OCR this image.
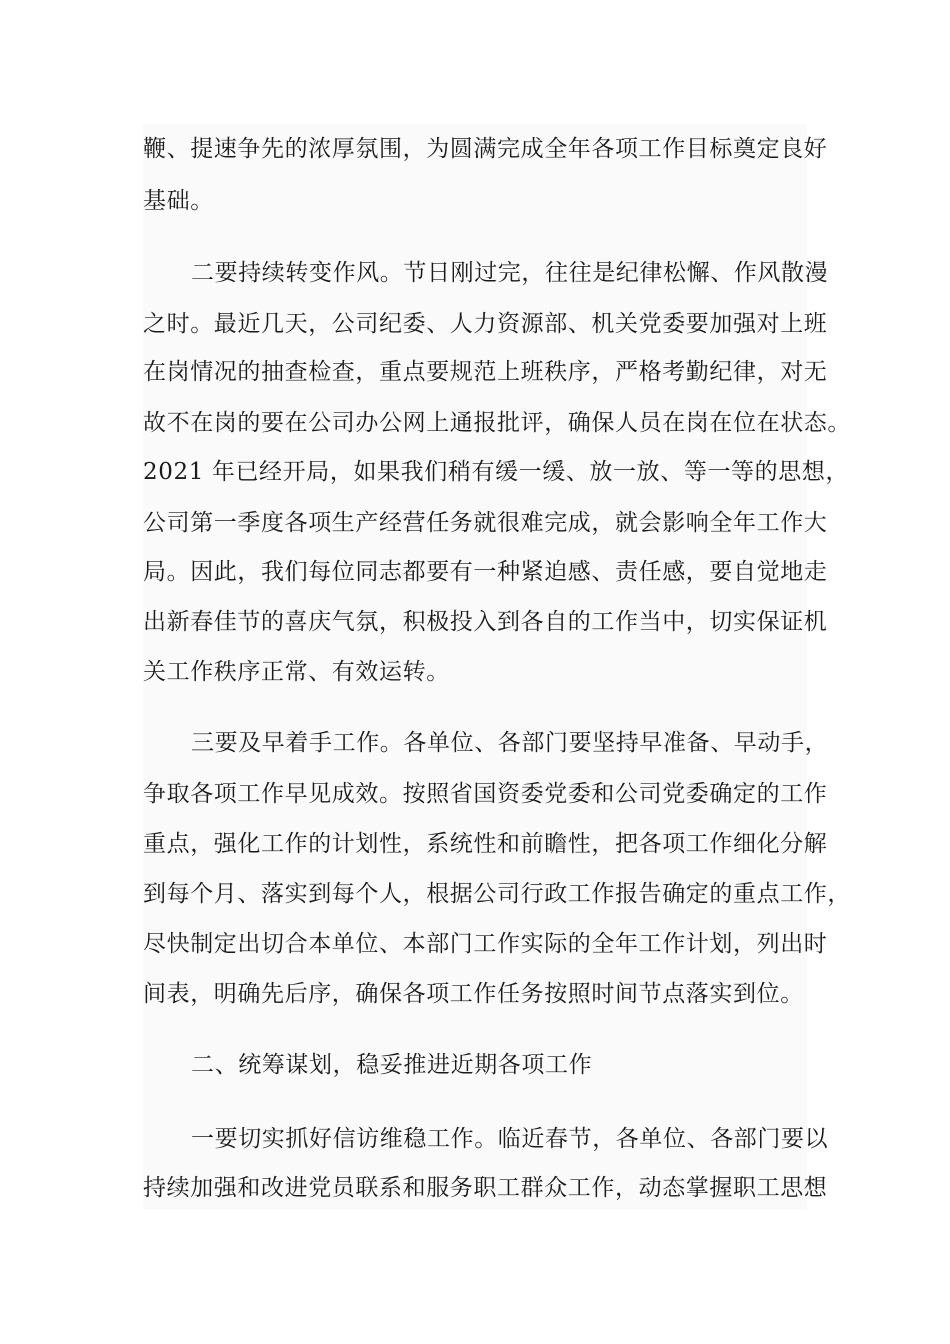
鞭、提速争先的浓厚氛围，为圆满完成全年各项工作目标奠定良好
基础。
二要持续转变作风。节日刚过完，往往是纪律松懈、作风散漫
之时。最近几天，公司纪委、人力资源部、机关党委要加强对上班
在岗情况的抽查检查，重点要规范上班秩序，严格考勤纪律，对无
故不在岗的要在公司办公网上通报批评，确保人员在岗在位在状态。
2021 年已经开局，如果我们稍有缓一缓、放一放、等一等的思想，
公司第一季度各项生产经营任务就很难完成，就会影响全年工作大
局。因此，我们每位同志都要有一种紧迫感、责任感，要自觉地走
出新春佳节的喜庆气氛，积极投入到各自的工作当中，切实保证机
关工作秩序正常、有效运转。
三要及早着手工作。各单位、各部门要坚持早准备、早动手，
争取各项工作早见成效。按照省国资委党委和公司党委确定的工作
重点，强化工作的计划性，系统性和前瞻性，把各项工作细化分解
到每个月、落实到每个人，根据公司行政工作报告确定的重点工作，
尽快制定出切合本单位、本部门工作实际的全年工作计划，列出时
间表，明确先后序，确保各项工作任务按照时间节点落实到位。
二、统筹谋划，稳妥推进近期各项工作
一要切实抓好信访维稳工作。临近春节，各单位、各部门要以
持续加强和改进党员联系和服务职工群众工作，动态掌握职工思想
